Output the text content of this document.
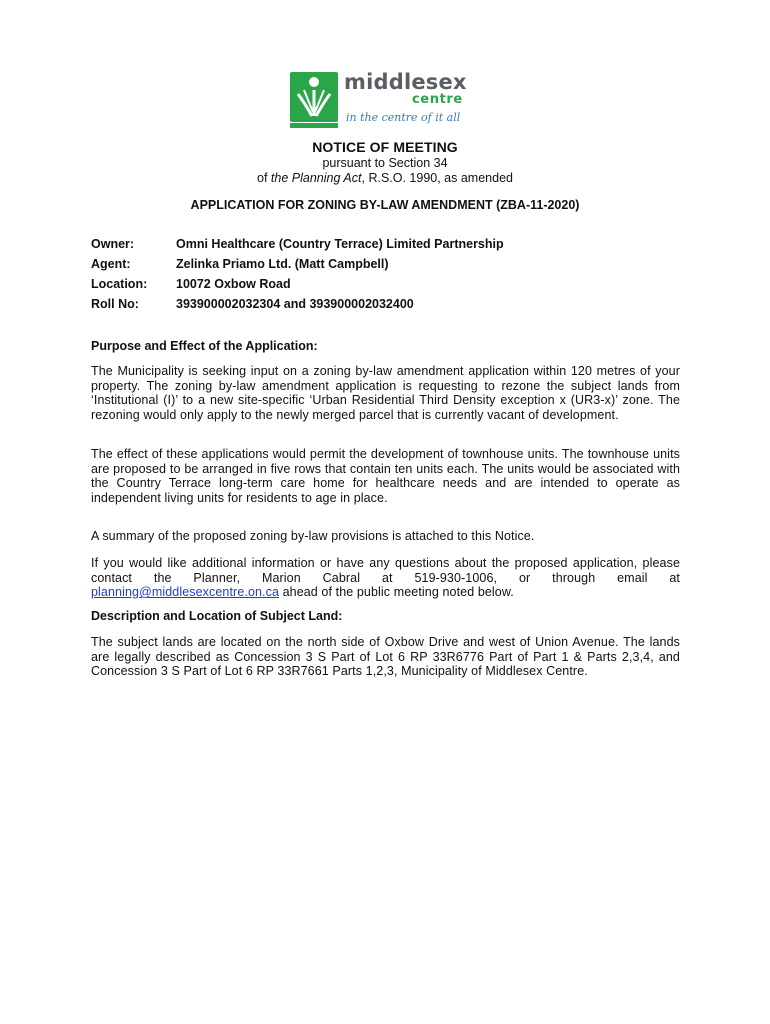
middlesex
centre
in the centre of it all
NOTICE OF MEETING
pursuant to Section 34
of the Planning Act, R.S.O. 1990, as amended
APPLICATION FOR ZONING BY-LAW AMENDMENT (ZBA-11-2020)
Owner:	Omni Healthcare (Country Terrace) Limited Partnership
Agent:	Zelinka Priamo Ltd. (Matt Campbell)
Location: 10072 Oxbow Road
Roll No:	393900002032304 and 393900002032400
Purpose and Effect of the Application:
The Municipality is seeking input on a zoning by-law amendment application within 120 metres of your property. The zoning by-law amendment application is requesting to rezone the subject lands from ‘Institutional (I)’ to a new site-specific ‘Urban Residential Third Density exception x (UR3-x)’ zone. The rezoning would only apply to the newly merged parcel that is currently vacant of development.
The effect of these applications would permit the development of townhouse units. The townhouse units are proposed to be arranged in five rows that contain ten units each. The units would be associated with the Country Terrace long-term care home for healthcare needs and are intended to operate as independent living units for residents to age in place.
A summary of the proposed zoning by-law provisions is attached to this Notice.
If you would like additional information or have any questions about the proposed application, please contact the Planner, Marion Cabral at 519-930-1006, or through email at planning@middlesexcentre.on.ca ahead of the public meeting noted below.
Description and Location of Subject Land:
The subject lands are located on the north side of Oxbow Drive and west of Union Avenue. The lands are legally described as Concession 3 S Part of Lot 6 RP 33R6776 Part of Part 1 & Parts 2,3,4, and Concession 3 S Part of Lot 6 RP 33R7661 Parts 1,2,3, Municipality of Middlesex Centre.
